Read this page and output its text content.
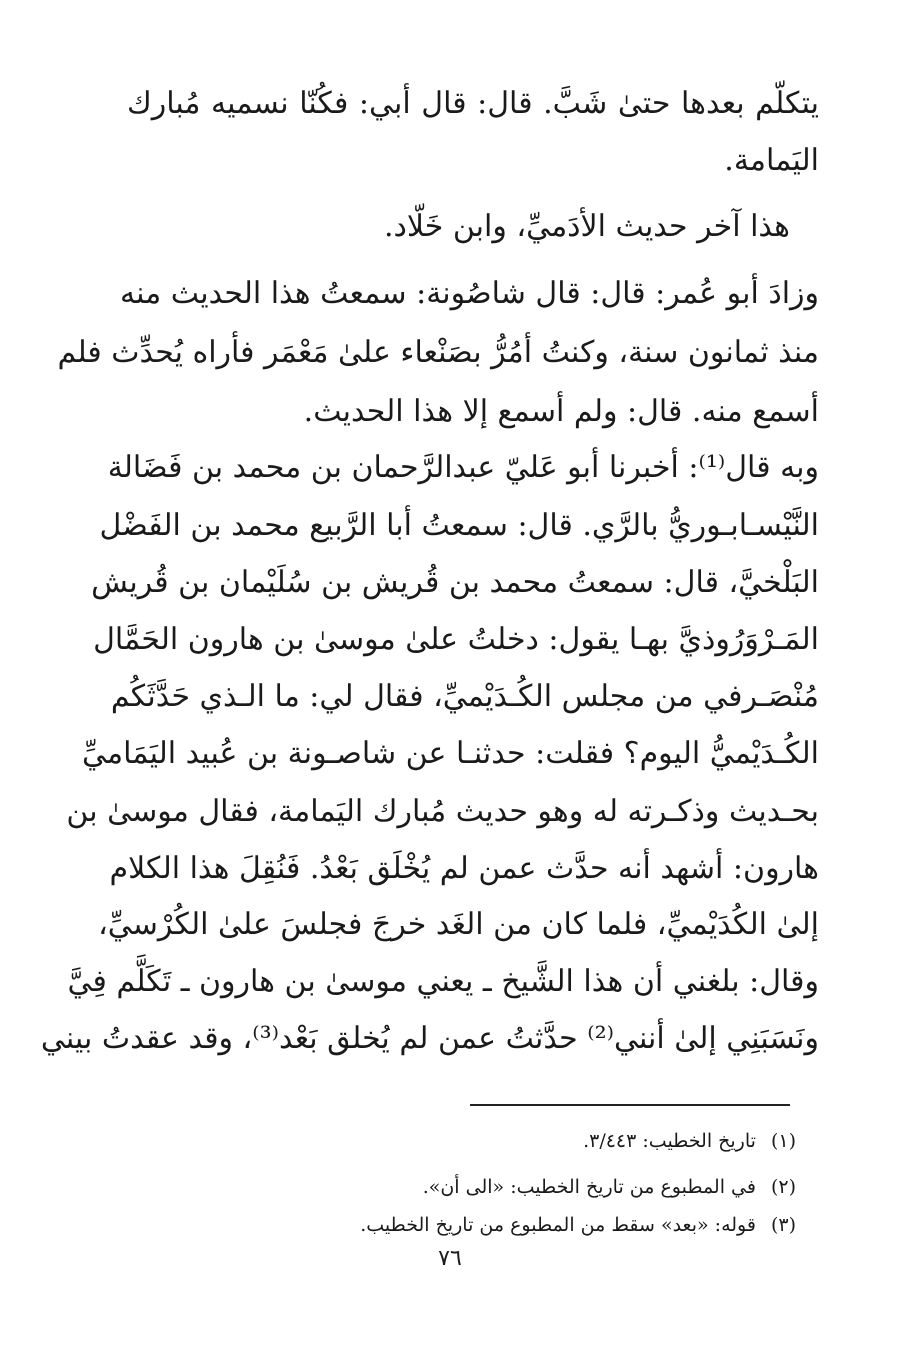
يتكلّم بعدها حتىٰ شَبَّ. قال: قال أبي: فكُنّا نسميه مُبارك
اليَمامة.
هذا آخر حديث الأدَميِّ، وابن خَلّاد.
وزادَ أبو عُمر: قال: قال شاصُونة: سمعتُ هذا الحديث منه
منذ ثمانون سنة، وكنتُ أمُرُّ بصَنْعاء علىٰ مَعْمَر فأراه يُحدِّث فلم
أسمع منه. قال: ولم أسمع إلا هذا الحديث.
وبه قال⁽¹⁾: أخبرنا أبو عَليّ عبدالرَّحمان بن محمد بن فَضَالة
النَّيْسـابـوريُّ بالرَّي. قال: سمعتُ أبا الرَّبيع محمد بن الفَضْل
البَلْخيَّ، قال: سمعتُ محمد بن قُريش بن سُلَيْمان بن قُريش
المَـرْوَرُوذيَّ بهـا يقول: دخلتُ علىٰ موسىٰ بن هارون الحَمَّال
مُنْصَـرفي من مجلس الكُـدَيْميِّ، فقال لي: ما الـذي حَدَّثَكُم
الكُـدَيْميُّ اليوم؟ فقلت: حدثنـا عن شاصـونة بن عُبيد اليَمَاميِّ
بحـديث وذكـرته له وهو حديث مُبارك اليَمامة، فقال موسىٰ بن
هارون: أشهد أنه حدَّث عمن لم يُخْلَق بَعْدُ. فَنُقِلَ هذا الكلام
إلىٰ الكُدَيْميِّ، فلما كان من الغَد خرجَ فجلسَ علىٰ الكُرْسيِّ،
وقال: بلغني أن هذا الشَّيخ ـ يعني موسىٰ بن هارون ـ تَكَلَّم فِيَّ
ونَسَبَنِي إلىٰ أنني⁽²⁾ حدَّثتُ عمن لم يُخلق بَعْد⁽³⁾، وقد عقدتُ بيني
(١) تاريخ الخطيب: ٣/٤٤٣.
(٢) في المطبوع من تاريخ الخطيب: «الى أن».
(٣) قوله: «بعد» سقط من المطبوع من تاريخ الخطيب.
٧٦
